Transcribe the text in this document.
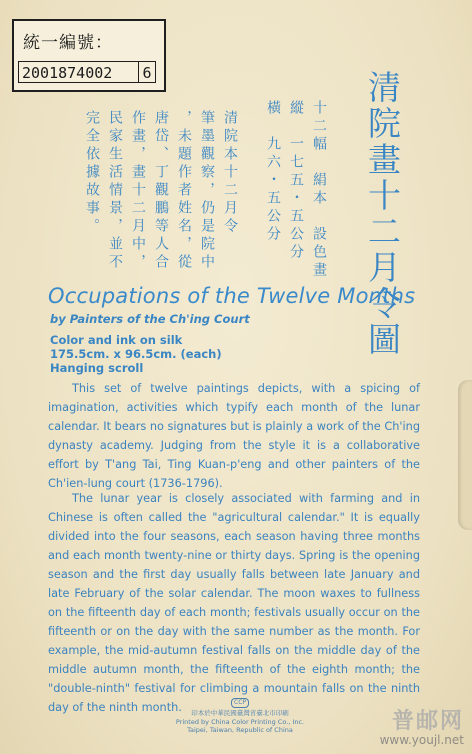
統一編號：
2001874002 6	清院畫十二月令圖
十二幅　絹本　設色畫
縱　一七五・五公分
橫　九六・五公分
清院本十二月令
筆墨觀察，仍是院中
，未題作者姓名，從
唐岱、丁觀鵬等人合
作畫，畫十二月中，
民家生活情景，並不
完全依據故事。
Occupations of the Twelve Months
by Painters of the Ch'ing Court
Color and ink on silk
175.5cm. x 96.5cm. (each)
Hanging scroll
This set of twelve paintings depicts, with a spicing of imagination, activities which typify each month of the lunar calendar. It bears no signatures but is plainly a work of the Ch'ing dynasty academy. Judging from the style it is a collaborative effort by T'ang Tai, Ting Kuan-p'eng and other painters of the Ch'ien-lung court (1736-1796).
The lunar year is closely associated with farming and in Chinese is often called the "agricultural calendar." It is equally divided into the four seasons, each season having three months and each month twenty-nine or thirty days. Spring is the opening season and the first day usually falls between late January and late February of the solar calendar. The moon waxes to fullness on the fifteenth day of each month; festivals usually occur on the fifteenth or on the day with the same number as the month. For example, the mid-autumn festival falls on the middle day of the middle autumn month, the fifteenth of the eighth month; the "double-ninth" festival for climbing a mountain falls on the ninth day of the ninth month.	CCP
印本於中華民國臺灣省臺北市印刷
Printed by China Color Printing Co., Inc.
Taipei, Taiwan, Republic of China	普邮网
www.youjl.net
